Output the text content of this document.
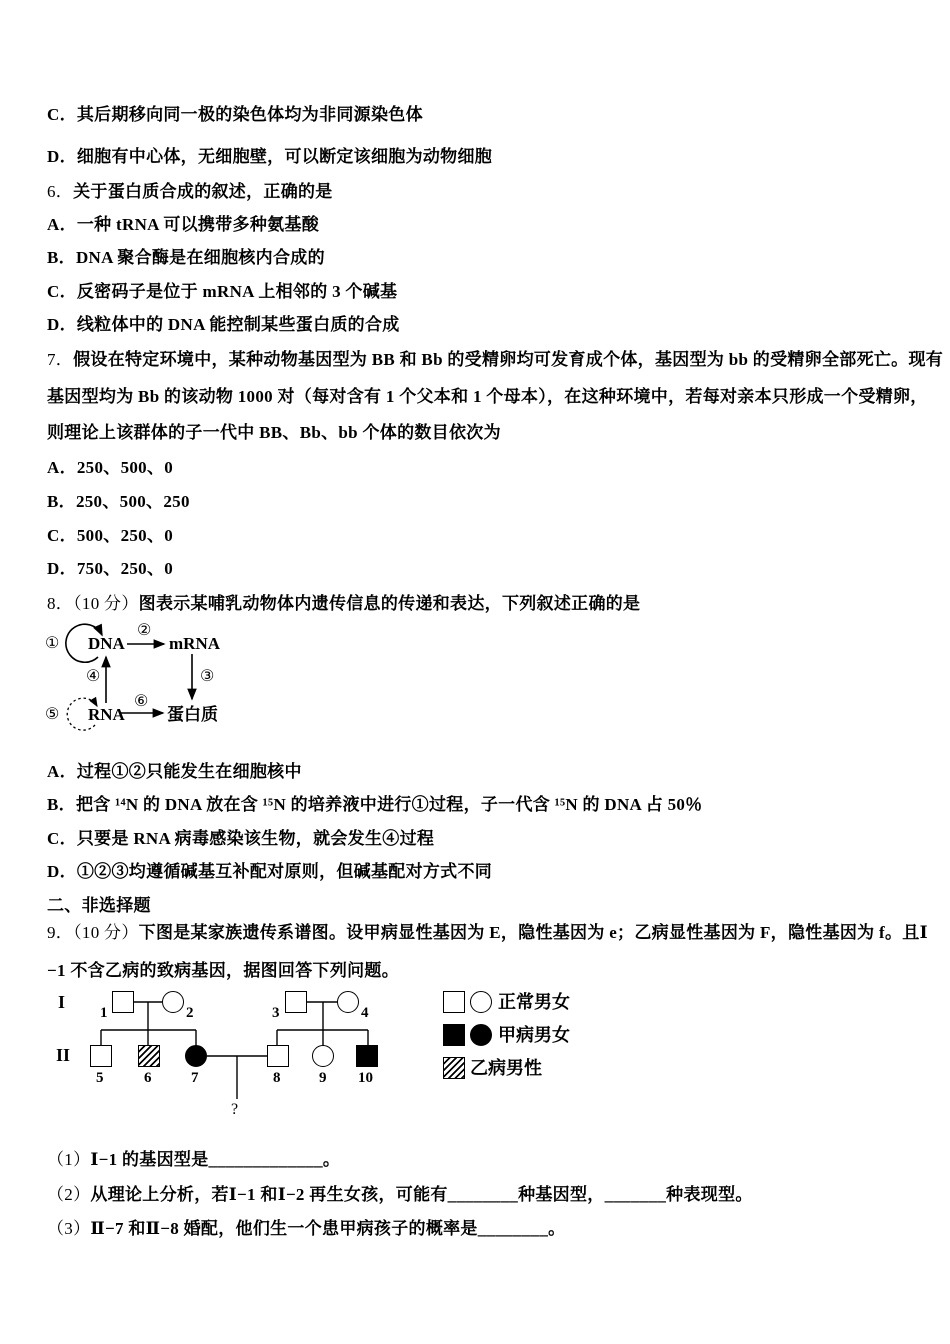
C．其后期移向同一极的染色体均为非同源染色体
D．细胞有中心体，无细胞壁，可以断定该细胞为动物细胞
6．关于蛋白质合成的叙述，正确的是
A．一种 tRNA 可以携带多种氨基酸
B．DNA 聚合酶是在细胞核内合成的
C．反密码子是位于 mRNA 上相邻的 3 个碱基
D．线粒体中的 DNA 能控制某些蛋白质的合成
7．假设在特定环境中，某种动物基因型为 BB 和 Bb 的受精卵均可发育成个体，基因型为 bb 的受精卵全部死亡。现有
基因型均为 Bb 的该动物 1000 对（每对含有 1 个父本和 1 个母本），在这种环境中，若每对亲本只形成一个受精卵，
则理论上该群体的子一代中 BB、Bb、bb 个体的数目依次为
A．250、500、0
B．250、500、250
C．500、250、0
D．750、250、0
8．（10 分）图表示某哺乳动物体内遗传信息的传递和表达，下列叙述正确的是
① DNA
②
mRNA
③
④
⑤ RNA
⑥
蛋白质
A．过程①②只能发生在细胞核中
B．把含 ¹⁴N 的 DNA 放在含 ¹⁵N 的培养液中进行①过程，子一代含 ¹⁵N 的 DNA 占 50％
C．只要是 RNA 病毒感染该生物，就会发生④过程
D．①②③均遵循碱基互补配对原则，但碱基配对方式不同
二、非选择题
9．（10 分）下图是某家族遗传系谱图。设甲病显性基因为 E，隐性基因为 e；乙病显性基因为 F，隐性基因为 f。且Ⅰ
−1 不含乙病的致病基因，据图回答下列问题。
I
II
1	2	3	4
5	6	7	8	9 10
?
正常男女
甲病男女
乙病男性
（1）Ⅰ−1 的基因型是_____________。
（2）从理论上分析，若Ⅰ−1 和Ⅰ−2 再生女孩，可能有________种基因型，_______种表现型。
（3）Ⅱ−7 和Ⅱ−8 婚配，他们生一个患甲病孩子的概率是________。
